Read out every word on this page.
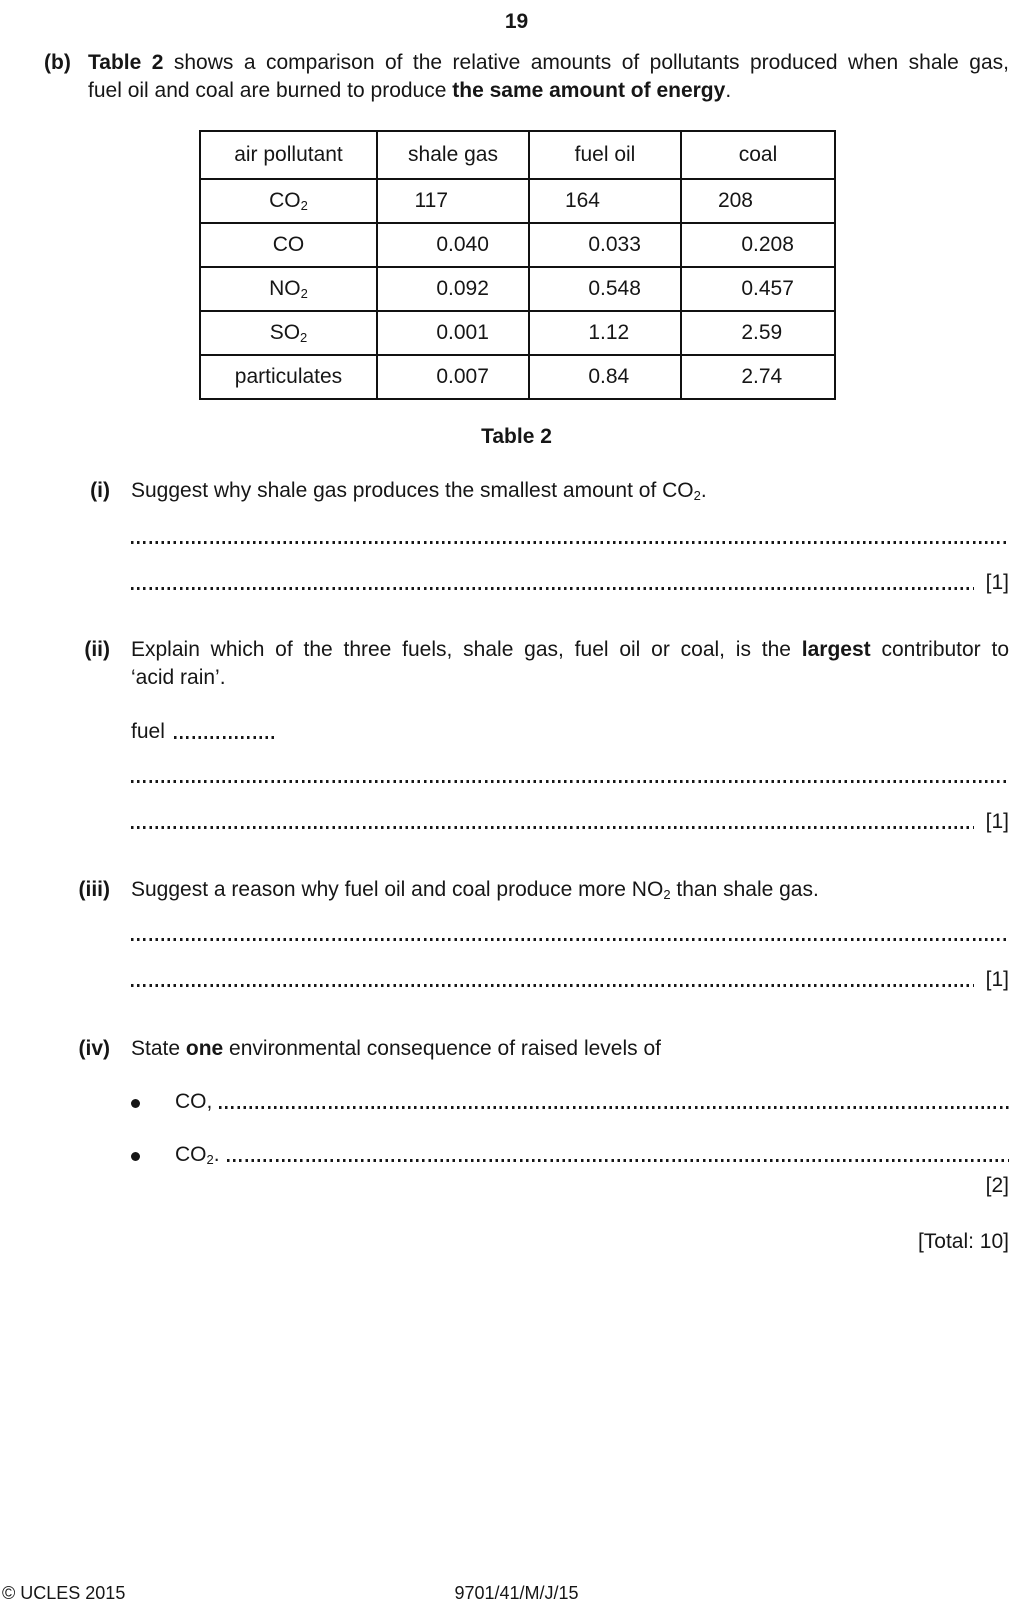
19
(b) Table 2 shows a comparison of the relative amounts of pollutants produced when shale gas,
fuel oil and coal are burned to produce the same amount of energy.
air pollutant	shale gas	fuel oil	coal
$CO_2$	117	164	208

CO	0 .040	0 .033	0 .208

$NO_2$	0 .092	0 .548	0 .457

$SO_2$	0 .001	1 .12	2 .59

particulates	0 .007	0 .84	2 .74
Table 2
(i) Suggest why shale gas produces the smallest amount of $CO_2$.
[1]
(ii) Explain which of the three fuels, shale gas, fuel oil or coal, is the largest contributor to
‘acid rain’.
fuel
[1]
(iii) Suggest a reason why fuel oil and coal produce more $NO_2$ than shale gas.
[1]
(iv) State one environmental consequence of raised levels of
CO,
$CO_2$.
[2]
[Total: 10]
© UCLES 2015	9701/41/M/J/15
